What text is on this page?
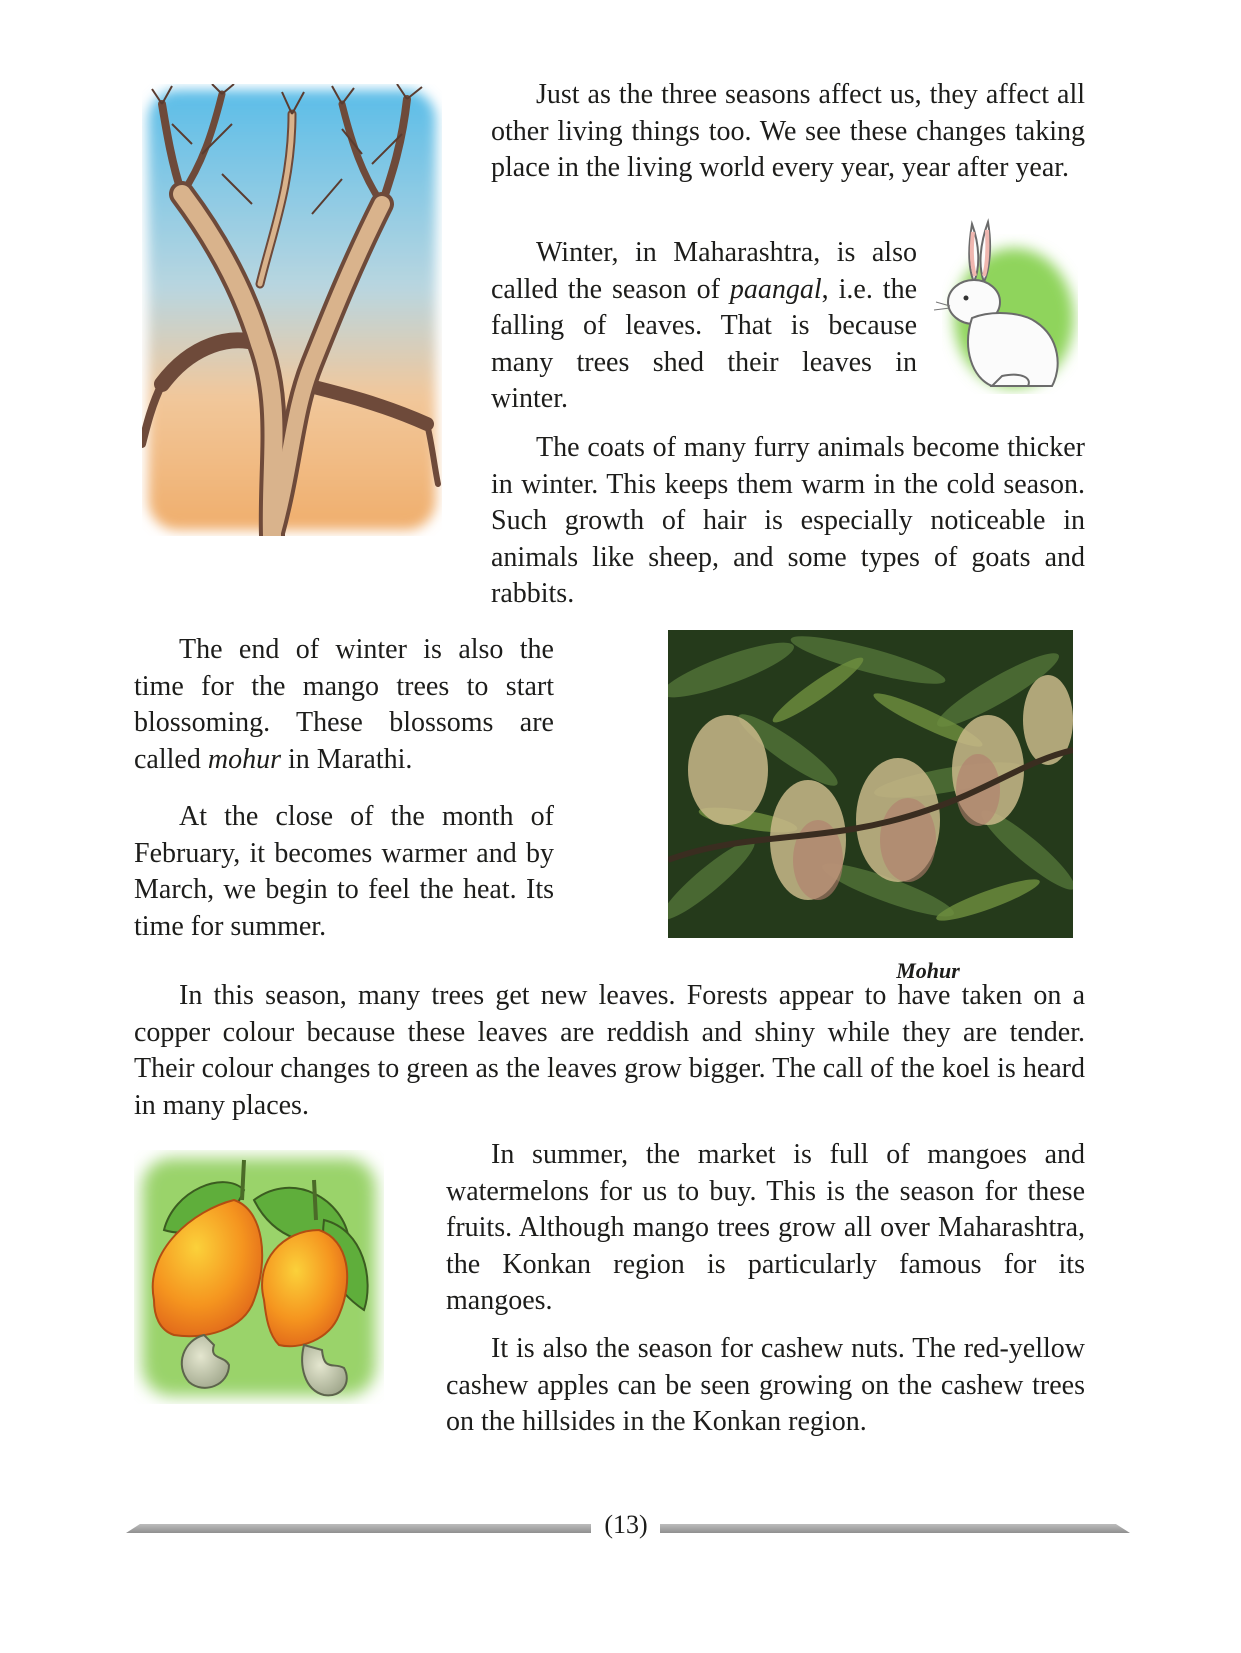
Just as the three seasons affect us, they affect all other living things too. We see these changes taking place in the living world every year, year after year.
Winter, in Maharashtra, is also called the season of paangal, i.e. the falling of leaves. That is because many trees shed their leaves in winter.
The coats of many furry animals become thicker in winter. This keeps them warm in the cold season. Such growth of hair is especially noticeable in animals like sheep, and some types of goats and rabbits.
The end of winter is also the time for the mango trees to start blossoming. These blossoms are called mohur in Marathi.
At the close of the month of February, it becomes warmer and by March, we begin to feel the heat. Its time for summer.
Mohur
In this season, many trees get new leaves. Forests appear to have taken on a copper colour because these leaves are reddish and shiny while they are tender. Their colour changes to green as the leaves grow bigger. The call of the koel is heard in many places.
In summer, the market is full of mangoes and watermelons for us to buy. This is the season for these fruits. Although mango trees grow all over Maharashtra, the Konkan region is particularly famous for its mangoes.
It is also the season for cashew nuts. The red-yellow cashew apples can be seen growing on the cashew trees on the hillsides in the Konkan region.
(13)
